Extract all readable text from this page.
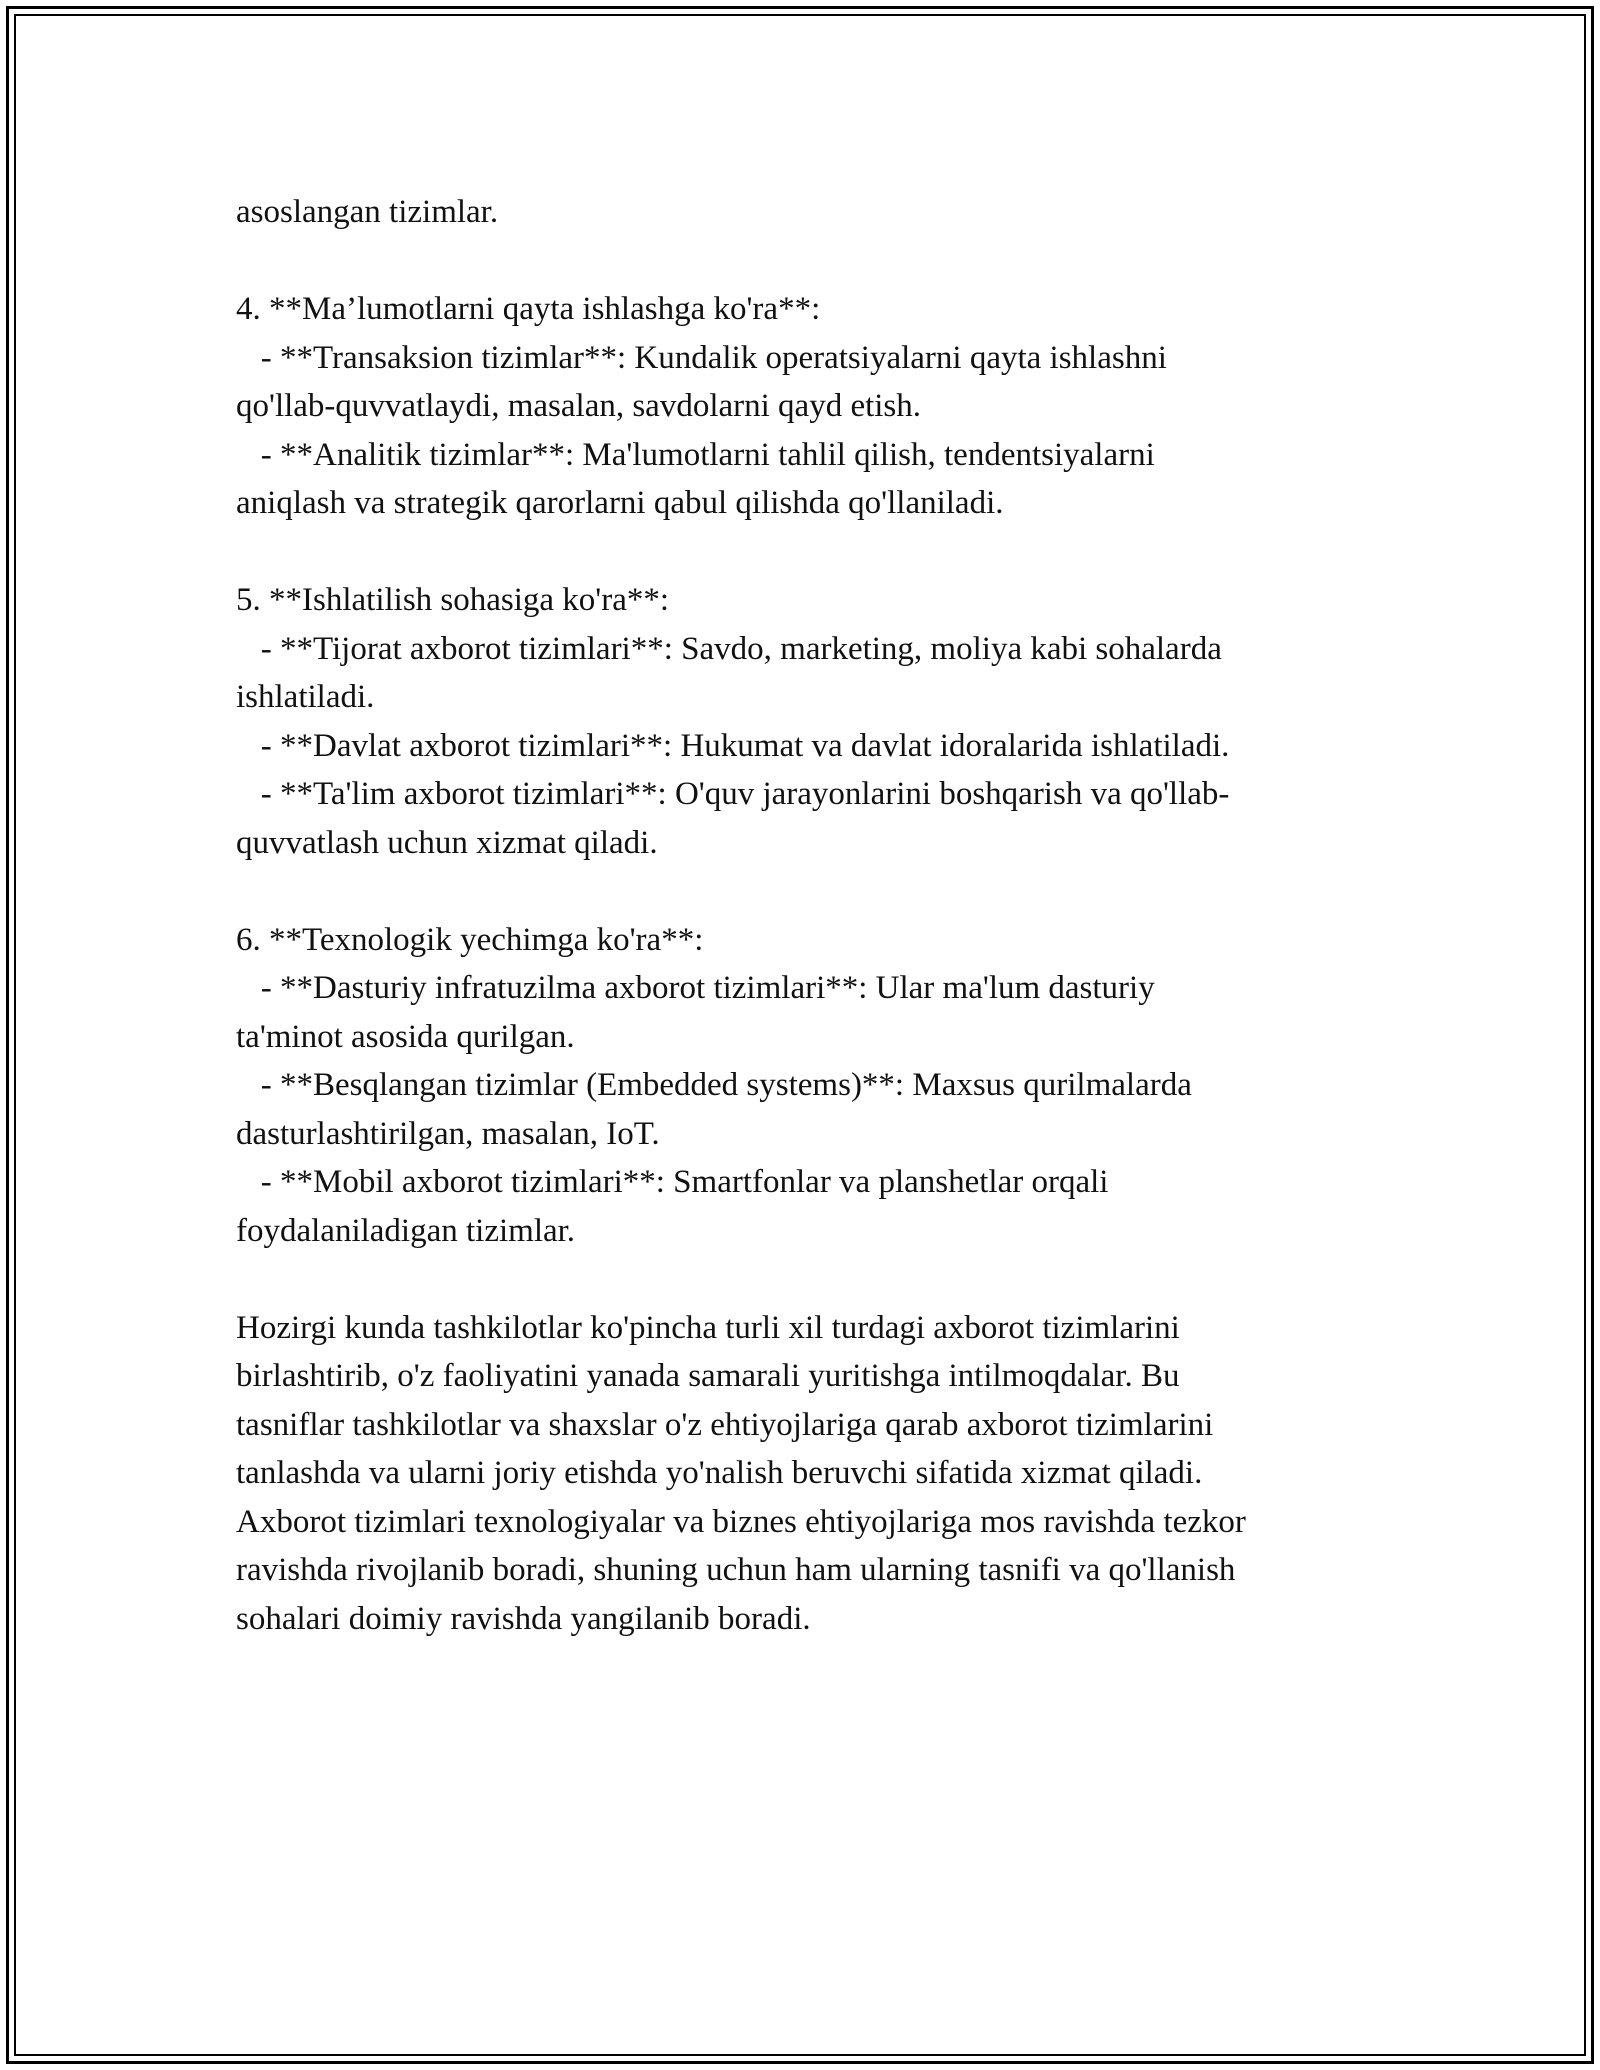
asoslangan tizimlar.
4. **Ma’lumotlarni qayta ishlashga ko'ra**:
- **Transaksion tizimlar**: Kundalik operatsiyalarni qayta ishlashni
qo'llab-quvvatlaydi, masalan, savdolarni qayd etish.
- **Analitik tizimlar**: Ma'lumotlarni tahlil qilish, tendentsiyalarni
aniqlash va strategik qarorlarni qabul qilishda qo'llaniladi.
5. **Ishlatilish sohasiga ko'ra**:
- **Tijorat axborot tizimlari**: Savdo, marketing, moliya kabi sohalarda
ishlatiladi.
- **Davlat axborot tizimlari**: Hukumat va davlat idoralarida ishlatiladi.
- **Ta'lim axborot tizimlari**: O'quv jarayonlarini boshqarish va qo'llab-
quvvatlash uchun xizmat qiladi.
6. **Texnologik yechimga ko'ra**:
- **Dasturiy infratuzilma axborot tizimlari**: Ular ma'lum dasturiy
ta'minot asosida qurilgan.
- **Besqlangan tizimlar (Embedded systems)**: Maxsus qurilmalarda
dasturlashtirilgan, masalan, IoT.
- **Mobil axborot tizimlari**: Smartfonlar va planshetlar orqali
foydalaniladigan tizimlar.
Hozirgi kunda tashkilotlar ko'pincha turli xil turdagi axborot tizimlarini
birlashtirib, o'z faoliyatini yanada samarali yuritishga intilmoqdalar. Bu
tasniflar tashkilotlar va shaxslar o'z ehtiyojlariga qarab axborot tizimlarini
tanlashda va ularni joriy etishda yo'nalish beruvchi sifatida xizmat qiladi.
Axborot tizimlari texnologiyalar va biznes ehtiyojlariga mos ravishda tezkor
ravishda rivojlanib boradi, shuning uchun ham ularning tasnifi va qo'llanish
sohalari doimiy ravishda yangilanib boradi.
